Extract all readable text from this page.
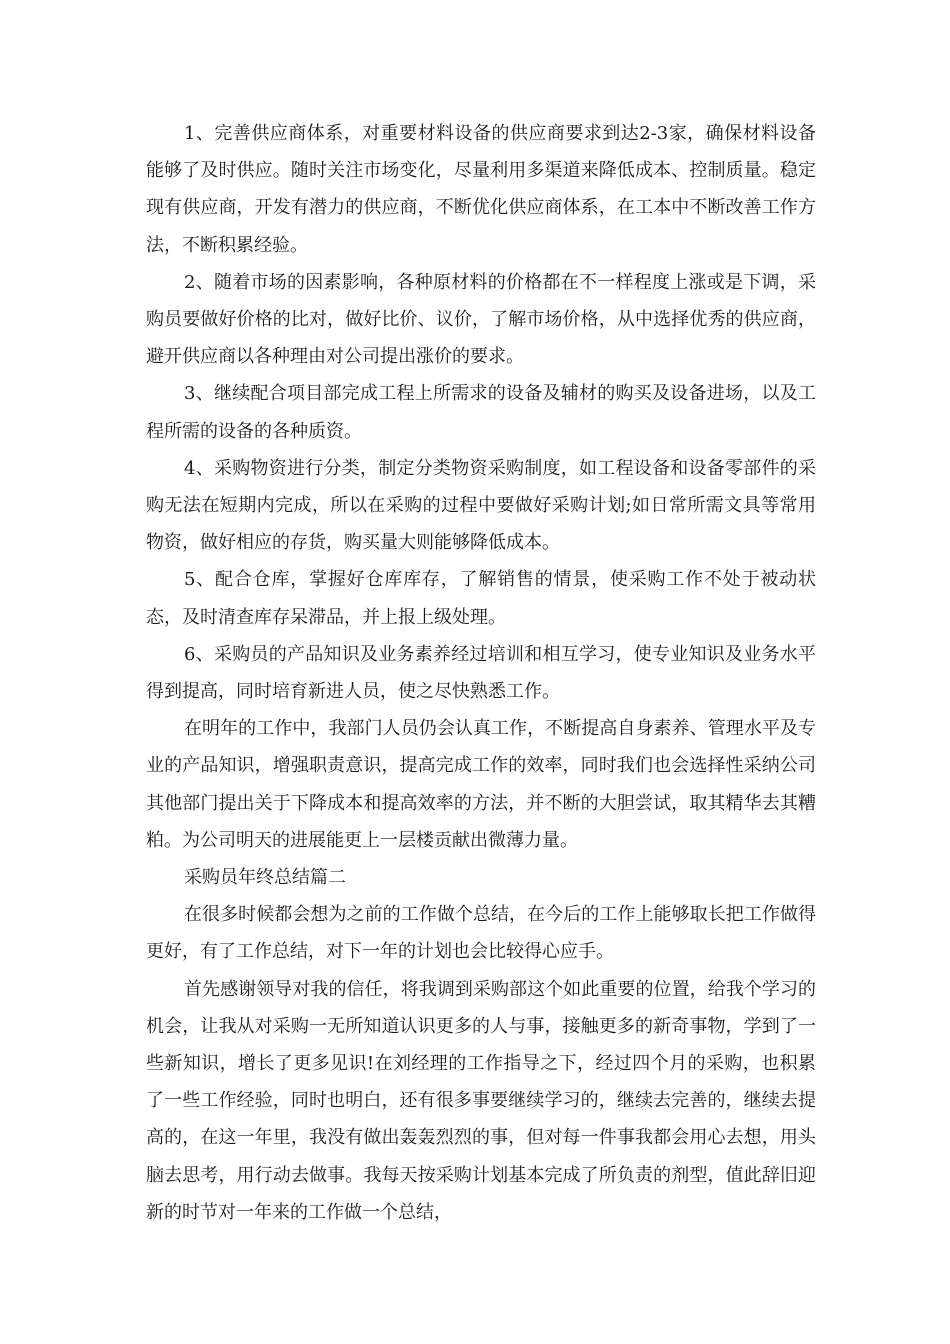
1、完善供应商体系，对重要材料设备的供应商要求到达2-3家，确保材料设备能够了及时供应。随时关注市场变化，尽量利用多渠道来降低成本、控制质量。稳定现有供应商，开发有潜力的供应商，不断优化供应商体系，在工本中不断改善工作方法，不断积累经验。

2、随着市场的因素影响，各种原材料的价格都在不一样程度上涨或是下调，采购员要做好价格的比对，做好比价、议价，了解市场价格，从中选择优秀的供应商，避开供应商以各种理由对公司提出涨价的要求。

3、继续配合项目部完成工程上所需求的设备及辅材的购买及设备进场，以及工程所需的设备的各种质资。

4、采购物资进行分类，制定分类物资采购制度，如工程设备和设备零部件的采购无法在短期内完成，所以在采购的过程中要做好采购计划;如日常所需文具等常用物资，做好相应的存货，购买量大则能够降低成本。

5、配合仓库，掌握好仓库库存，了解销售的情景，使采购工作不处于被动状态，及时清查库存呆滞品，并上报上级处理。

6、采购员的产品知识及业务素养经过培训和相互学习，使专业知识及业务水平得到提高，同时培育新进人员，使之尽快熟悉工作。

在明年的工作中，我部门人员仍会认真工作，不断提高自身素养、管理水平及专业的产品知识，增强职责意识，提高完成工作的效率，同时我们也会选择性采纳公司其他部门提出关于下降成本和提高效率的方法，并不断的大胆尝试，取其精华去其糟粕。为公司明天的进展能更上一层楼贡献出微薄力量。

采购员年终总结篇二

在很多时候都会想为之前的工作做个总结，在今后的工作上能够取长把工作做得更好，有了工作总结，对下一年的计划也会比较得心应手。

首先感谢领导对我的信任，将我调到采购部这个如此重要的位置，给我个学习的机会，让我从对采购一无所知道认识更多的人与事，接触更多的新奇事物，学到了一些新知识，增长了更多见识!在刘经理的工作指导之下，经过四个月的采购，也积累了一些工作经验，同时也明白，还有很多事要继续学习的，继续去完善的，继续去提高的，在这一年里，我没有做出轰轰烈烈的事，但对每一件事我都会用心去想，用头脑去思考，用行动去做事。我每天按采购计划基本完成了所负责的剂型，值此辞旧迎新的时节对一年来的工作做一个总结，
